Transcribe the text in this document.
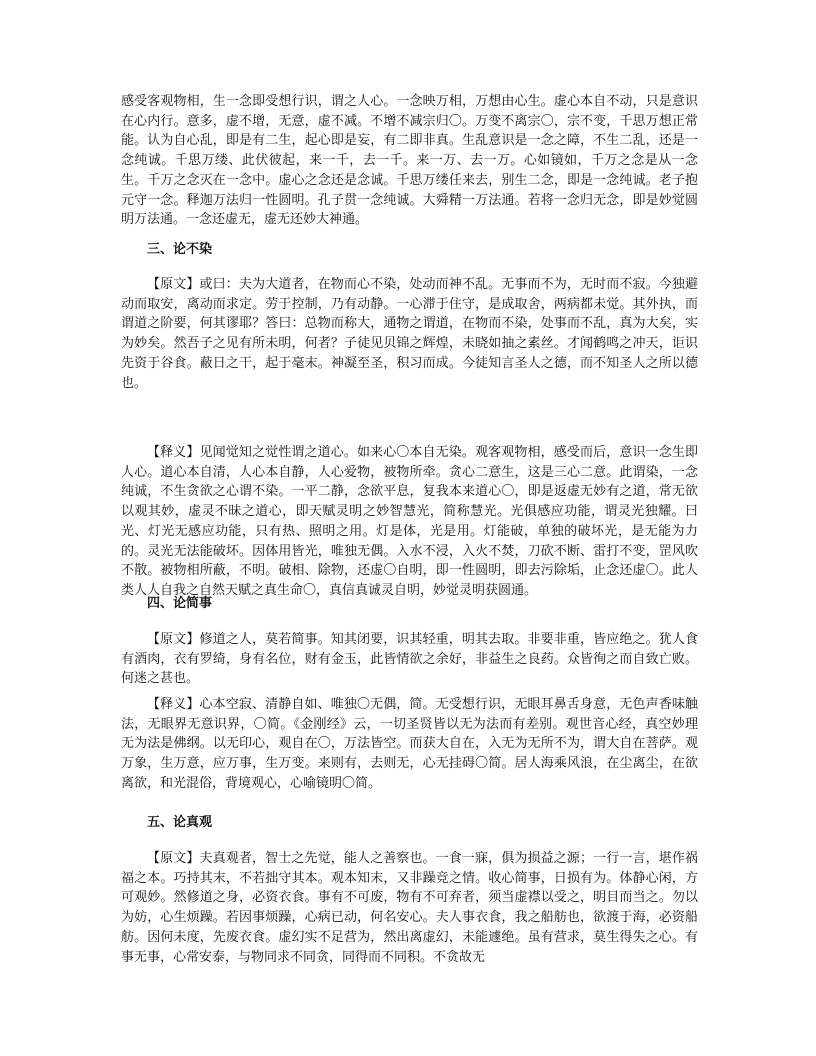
感受客观物相，生一念即受想行识，谓之人心。一念映万相，万想由心生。虚心本自不动，只是意识在心内行。意多，虚不增，无意，虚不减。不增不减宗归〇。万变不离宗〇，宗不变，千思万想正常能。认为自心乱，即是有二生，起心即是妄，有二即非真。生乱意识是一念之障，不生二乱，还是一念纯诚。千思万缕、此伏彼起，来一千，去一千。来一万、去一万。心如镜如，千万之念是从一念生。千万之念灭在一念中。虚心之念还是念诚。千思万缕任来去，别生二念，即是一念纯诚。老子抱元守一念。释迦万法归一性圆明。孔子贯一念纯诚。大舜精一万法通。若将一念归无念，即是妙觉圆明万法通。一念还虚无，虚无还妙大神通。

三、论不染

【原文】或曰：夫为大道者，在物而心不染，处动而神不乱。无事而不为，无时而不寂。今独避动而取安，离动而求定。劳于控制，乃有动静。一心滞于住守，是成取舍，两病都未觉。其外执，而谓道之阶要，何其谬耶？答曰：总物而称大，通物之谓道，在物而不染，处事而不乱，真为大矣，实为妙矣。然吾子之见有所未明，何者？子徒见贝锦之辉煌，未晓如抽之素丝。才闻鹤鸣之冲天，讵识先资于谷食。蔽日之干，起于毫末。神凝至圣，积习而成。今徒知言圣人之德，而不知圣人之所以德也。

【释义】见闻觉知之觉性谓之道心。如来心〇本自无染。观客观物相，感受而后，意识一念生即人心。道心本自清，人心本自静，人心爱物，被物所牵。贪心二意生，这是三心二意。此谓染，一念纯诚，不生贪欲之心谓不染。一平二静，念欲平息，复我本来道心〇，即是返虚无妙有之道，常无欲以观其妙，虚灵不昧之道心，即天赋灵明之妙智慧光，简称慧光。光俱感应功能，谓灵光独耀。曰光、灯光无感应功能，只有热、照明之用。灯是体，光是用。灯能破，单独的破坏光，是无能为力的。灵光无法能破坏。因体用皆光，唯独无偶。入水不浸，入火不焚，刀砍不断、雷打不变，罡风吹不散。被物相所蔽，不明。破相、除物，还虚〇自明，即一性圆明，即去污除垢，止念还虚〇。此人类人人自我之自然天赋之真生命〇，真信真诚灵自明，妙觉灵明获圆通。

四、论简事

【原文】修道之人，莫若简事。知其闭要，识其轻重，明其去取。非要非重，皆应绝之。犹人食有酒肉，衣有罗绮，身有名位，财有金玉，此皆情欲之余好，非益生之良药。众皆徇之而自致亡败。何迷之甚也。

【释义】心本空寂、清静自如、唯独〇无偶，简。无受想行识，无眼耳鼻舌身意，无色声香味触法，无眼界无意识界，〇简。《金刚经》云，一切圣贤皆以无为法而有差别。观世音心经，真空妙理无为法是佛纲。以无印心，观自在〇，万法皆空。而获大自在，入无为无所不为，谓大自在菩萨。观万象，生万意，应万事，生万变。来则有，去则无，心无挂碍〇简。居人海乘风浪，在尘离尘，在欲离欲，和光混俗，背境观心，心喻镜明〇简。

五、论真观

【原文】夫真观者，智士之先觉，能人之善察也。一食一寐，俱为损益之源；一行一言，堪作祸福之本。巧持其末，不若拙守其本。观本知末，又非躁竞之情。收心简事，日损有为。体静心闲，方可观妙。然修道之身，必资衣食。事有不可废，物有不可弃者，须当虚襟以受之，明目而当之。勿以为妨，心生烦躁。若因事烦躁，心病已动，何名安心。夫人事衣食，我之船舫也，欲渡于海，必资船舫。因何未度，先废衣食。虚幻实不足营为，然出离虚幻，未能遽绝。虽有营求，莫生得失之心。有事无事，心常安泰，与物同求不同贪，同得而不同积。不贪故无
